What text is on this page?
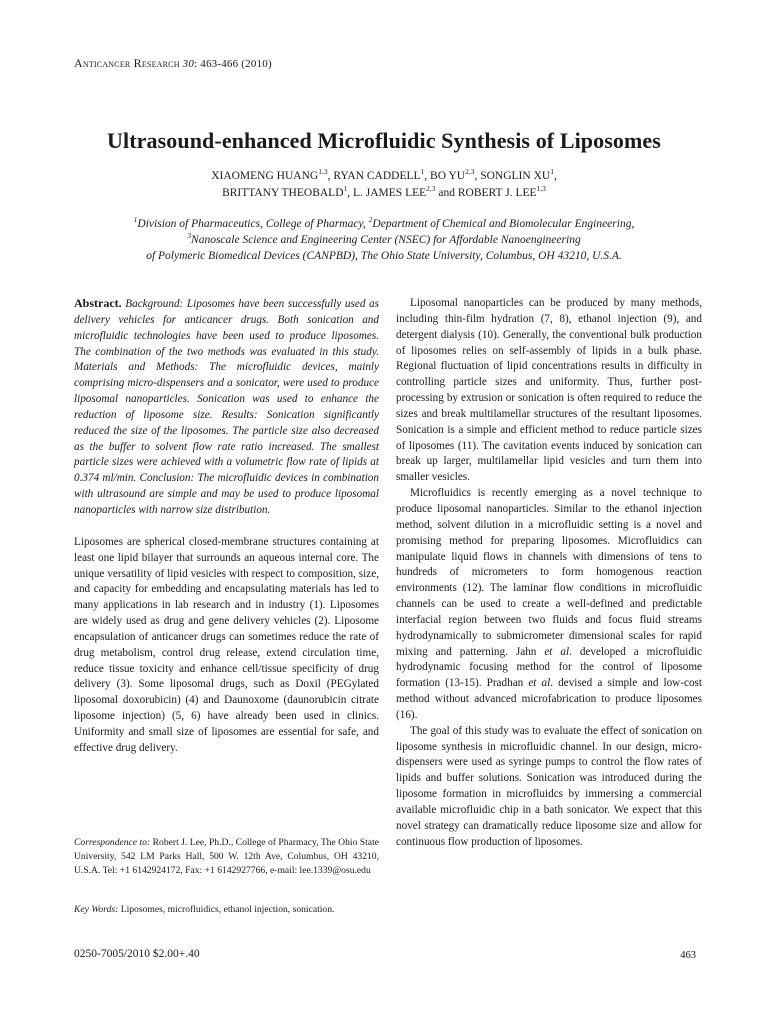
Anticancer Research 30: 463-466 (2010)
Ultrasound-enhanced Microfluidic Synthesis of Liposomes
XIAOMENG HUANG$^{1,3}$, RYAN CADDELL$^1$, BO YU$^{2,3}$, SONGLIN $XU^1$,
BRITTANY THEOBALD$^1$, L. JAMES LEE$^{2,3}$ and ROBERT J. LEE$^{1,3}$
$^1$Division of Pharmaceutics, College of Pharmacy, $^2$Department of Chemical and Biomolecular Engineering,
$^3$Nanoscale Science and Engineering Center (NSEC) for Affordable Nanoengineering
of Polymeric Biomedical Devices (CANPBD), The Ohio State University, Columbus, OH 43210, U.S.A.

Abstract. Background: Liposomes have been successfully used as delivery vehicles for anticancer drugs. Both sonication and microfluidic technologies have been used to produce liposomes. The combination of the two methods was evaluated in this study. Materials and Methods: The microfluidic devices, mainly comprising micro-dispensers and a sonicator, were used to produce liposomal nanoparticles. Sonication was used to enhance the reduction of liposome size. Results: Sonication significantly reduced the size of the liposomes. The particle size also decreased as the buffer to solvent flow rate ratio increased. The smallest particle sizes were achieved with a volumetric flow rate of lipids at 0.374 ml/min. Conclusion: The microfluidic devices in combination with ultrasound are simple and may be used to produce liposomal nanoparticles with narrow size distribution.

Liposomes are spherical closed-membrane structures containing at least one lipid bilayer that surrounds an aqueous internal core. The unique versatility of lipid vesicles with respect to composition, size, and capacity for embedding and encapsulating materials has led to many applications in lab research and in industry (1). Liposomes are widely used as drug and gene delivery vehicles (2). Liposome encapsulation of anticancer drugs can sometimes reduce the rate of drug metabolism, control drug release, extend circulation time, reduce tissue toxicity and enhance cell/tissue specificity of drug delivery (3). Some liposomal drugs, such as Doxil (PEGylated liposomal doxorubicin) (4) and Daunoxome (daunorubicin citrate liposome injection) (5, 6) have already been used in clinics. Uniformity and small size of liposomes are essential for safe, and effective drug delivery.

Liposomal nanoparticles can be produced by many methods, including thin-film hydration (7, 8), ethanol injection (9), and detergent dialysis (10). Generally, the conventional bulk production of liposomes relies on self-assembly of lipids in a bulk phase. Regional fluctuation of lipid concentrations results in difficulty in controlling particle sizes and uniformity. Thus, further post-processing by extrusion or sonication is often required to reduce the sizes and break multilamellar structures of the resultant liposomes. Sonication is a simple and efficient method to reduce particle sizes of liposomes (11). The cavitation events induced by sonication can break up larger, multilamellar lipid vesicles and turn them into smaller vesicles.

Microfluidics is recently emerging as a novel technique to produce liposomal nanoparticles. Similar to the ethanol injection method, solvent dilution in a microfluidic setting is a novel and promising method for preparing liposomes. Microfluidics can manipulate liquid flows in channels with dimensions of tens to hundreds of micrometers to form homogenous reaction environments (12). The laminar flow conditions in microfluidic channels can be used to create a well-defined and predictable interfacial region between two fluids and focus fluid streams hydrodynamically to submicrometer dimensional scales for rapid mixing and patterning. Jahn et al. developed a microfluidic hydrodynamic focusing method for the control of liposome formation (13-15). Pradhan et al. devised a simple and low-cost method without advanced microfabrication to produce liposomes (16).

The goal of this study was to evaluate the effect of sonication on liposome synthesis in microfluidic channel. In our design, micro-dispensers were used as syringe pumps to control the flow rates of lipids and buffer solutions. Sonication was introduced during the liposome formation in microfluidcs by immersing a commercial available microfluidic chip in a bath sonicator. We expect that this novel strategy can dramatically reduce liposome size and allow for continuous flow production of liposomes.

Correspondence to: Robert J. Lee, Ph.D., College of Pharmacy, The Ohio State University, 542 LM Parks Hall, 500 W. 12th Ave, Columbus, OH 43210, U.S.A. Tel: +1 6142924172, Fax: +1 6142927766, e-mail: lee.1339@osu.edu
Key Words: Liposomes, microfluidics, ethanol injection, sonication.
0250-7005/2010 $2.00+.40	463
